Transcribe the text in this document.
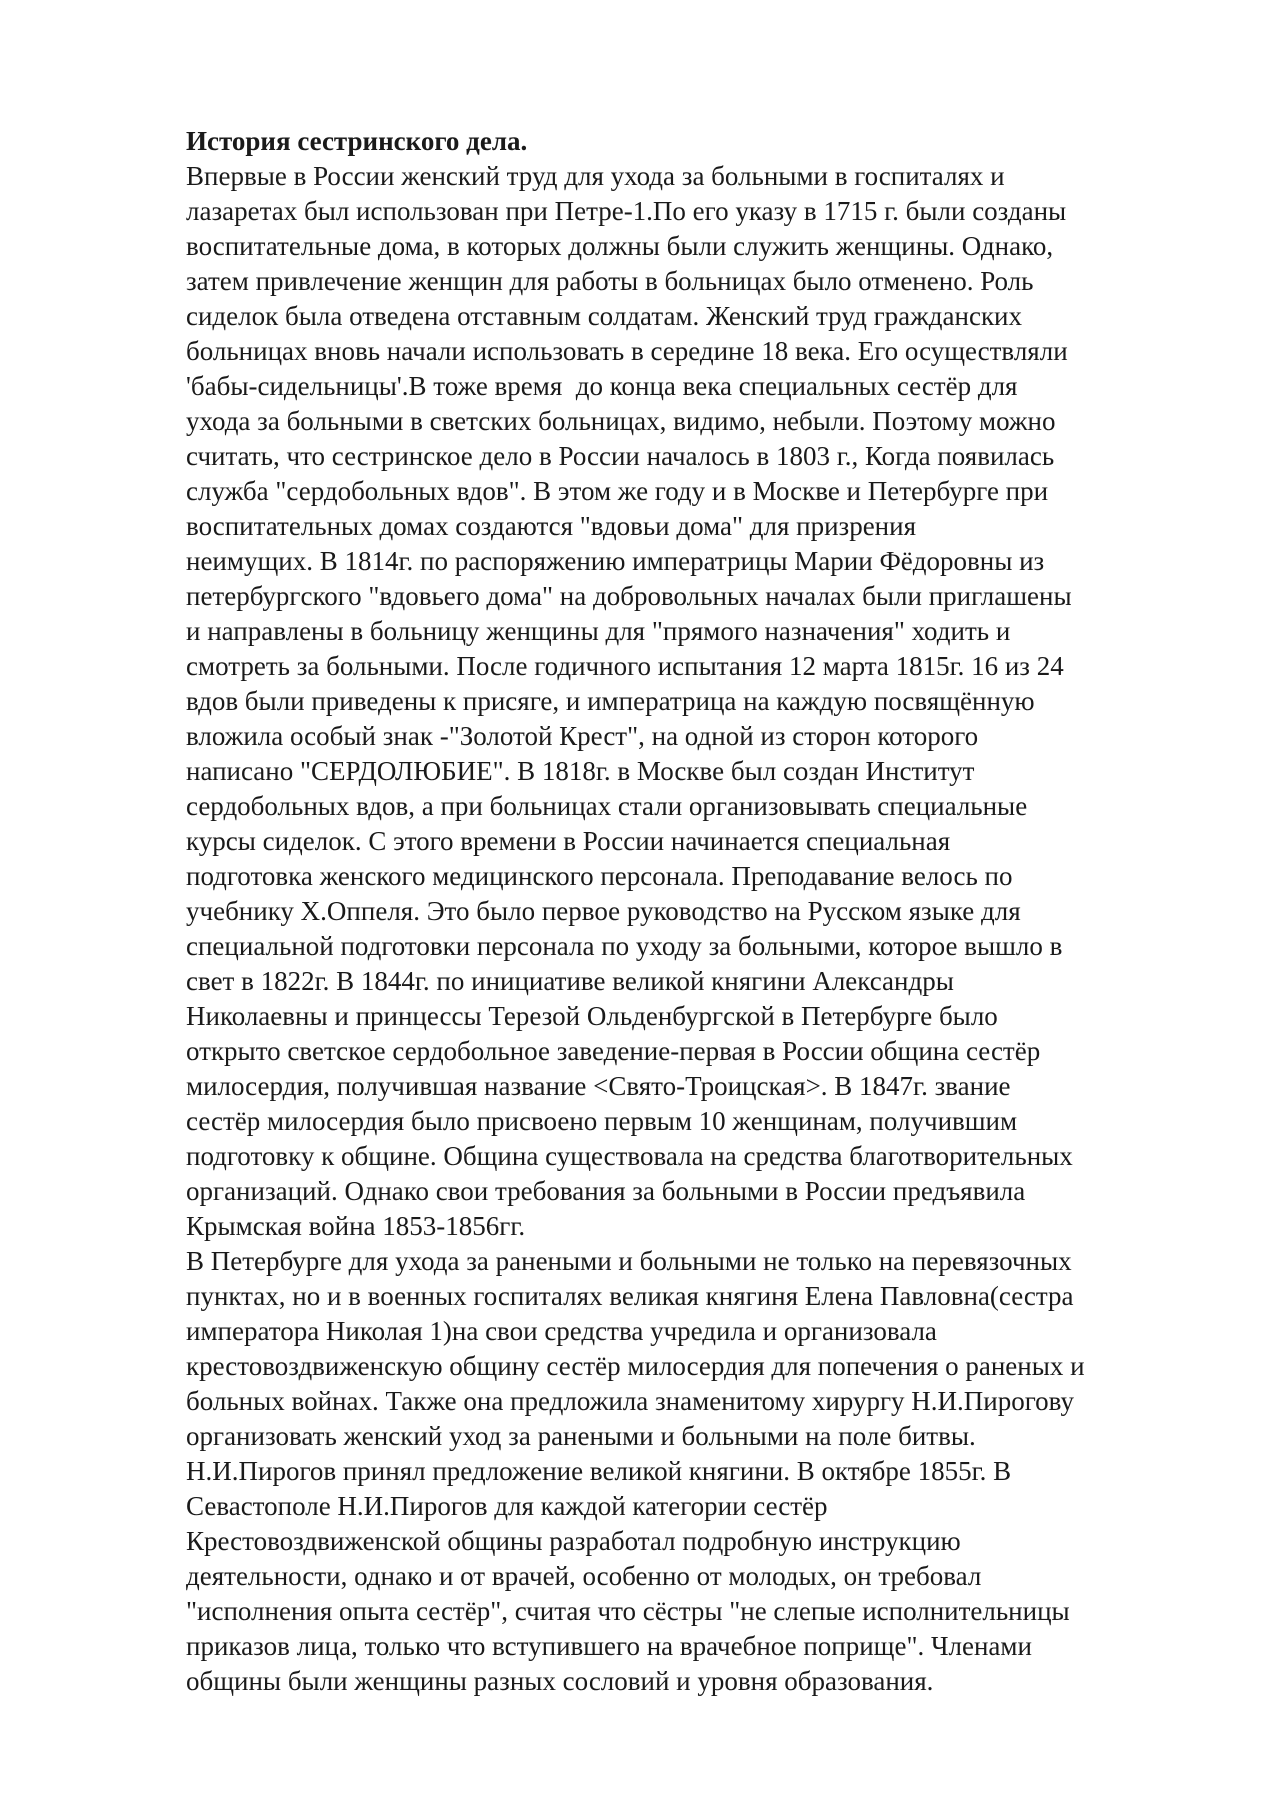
История сестринского дела.
Впервые в России женский труд для ухода за больными в госпиталях и
лазаретах был использован при Петре-1.По его указу в 1715 г. были созданы
воспитательные дома, в которых должны были служить женщины. Однако,
затем привлечение женщин для работы в больницах было отменено. Роль
сиделок была отведена отставным солдатам. Женский труд гражданских
больницах вновь начали использовать в середине 18 века. Его осуществляли
'бабы-сидельницы'.В тоже время  до конца века специальных сестёр для
ухода за больными в светских больницах, видимо, небыли. Поэтому можно
считать, что сестринское дело в России началось в 1803 г., Когда появилась
служба "сердобольных вдов". В этом же году и в Москве и Петербурге при
воспитательных домах создаются "вдовьи дома" для призрения
неимущих. В 1814г. по распоряжению императрицы Марии Фёдоровны из
петербургского "вдовьего дома" на добровольных началах были приглашены
и направлены в больницу женщины для "прямого назначения" ходить и
смотреть за больными. После годичного испытания 12 марта 1815г. 16 из 24
вдов были приведены к присяге, и императрица на каждую посвящённую
вложила особый знак -"Золотой Крест", на одной из сторон которого
написано "СЕРДОЛЮБИЕ". В 1818г. в Москве был создан Институт
сердобольных вдов, а при больницах стали организовывать специальные
курсы сиделок. С этого времени в России начинается специальная
подготовка женского медицинского персонала. Преподавание велось по
учебнику Х.Оппеля. Это было первое руководство на Русском языке для
специальной подготовки персонала по уходу за больными, которое вышло в
свет в 1822г. В 1844г. по инициативе великой княгини Александры
Николаевны и принцессы Терезой Ольденбургской в Петербурге было
открыто светское сердобольное заведение-первая в России община сестёр
милосердия, получившая название <Свято-Троицская>. В 1847г. звание
сестёр милосердия было присвоено первым 10 женщинам, получившим
подготовку к общине. Община существовала на средства благотворительных
организаций. Однако свои требования за больными в России предъявила
Крымская война 1853-1856гг.
В Петербурге для ухода за ранеными и больными не только на перевязочных
пунктах, но и в военных госпиталях великая княгиня Елена Павловна(сестра
императора Николая 1)на свои средства учредила и организовала
крестовоздвиженскую общину сестёр милосердия для попечения о раненых и
больных войнах. Также она предложила знаменитому хирургу Н.И.Пирогову
организовать женский уход за ранеными и больными на поле битвы.
Н.И.Пирогов принял предложение великой княгини. В октябре 1855г. В
Севастополе Н.И.Пирогов для каждой категории сестёр
Крестовоздвиженской общины разработал подробную инструкцию
деятельности, однако и от врачей, особенно от молодых, он требовал
"исполнения опыта сестёр", считая что сёстры "не слепые исполнительницы
приказов лица, только что вступившего на врачебное поприще". Членами
общины были женщины разных сословий и уровня образования.
